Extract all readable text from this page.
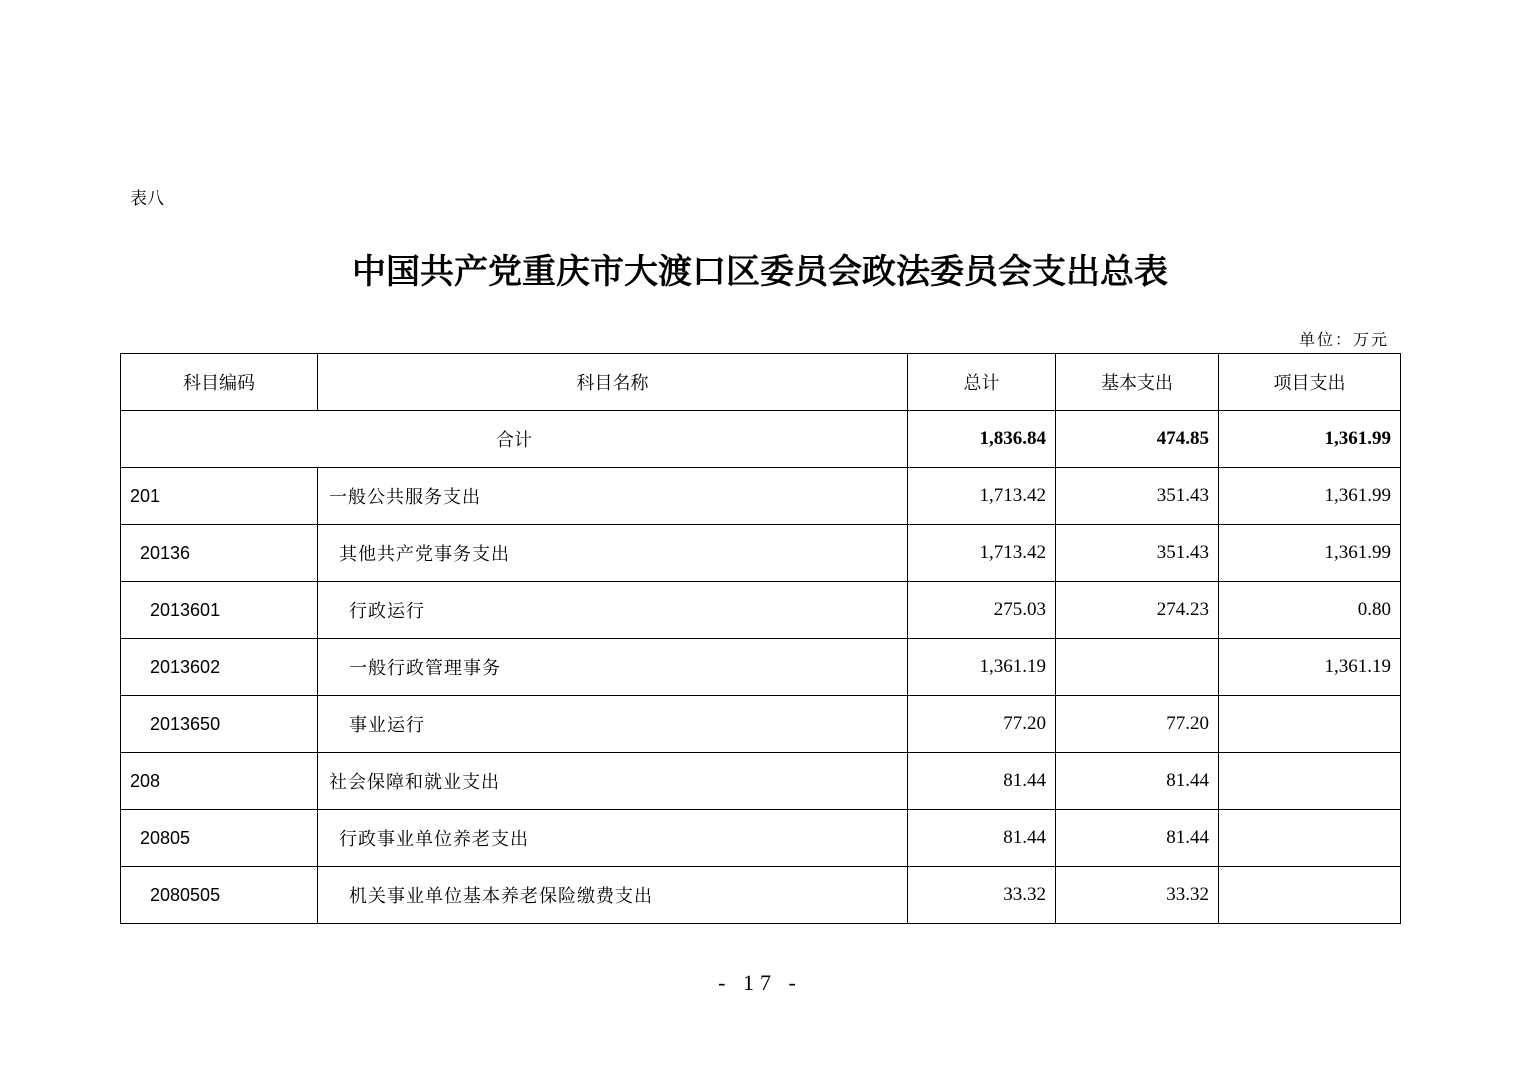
表八
中国共产党重庆市大渡口区委员会政法委员会支出总表
单位：万元
科目编码	科目名称	总计	基本支出	项目支出
合计		1,836.84	474.85	1,361.99
201	一般公共服务支出	1,713.42	351.43	1,361.99
20136	其他共产党事务支出	1,713.42	351.43	1,361.99
2013601	行政运行	275.03	274.23	0.80
2013602	一般行政管理事务	1,361.19		1,361.19
2013650	事业运行	77.20	77.20	
208	社会保障和就业支出	81.44	81.44	
20805	行政事业单位养老支出	81.44	81.44	
2080505	机关事业单位基本养老保险缴费支出	33.32	33.32	
- 17 -
